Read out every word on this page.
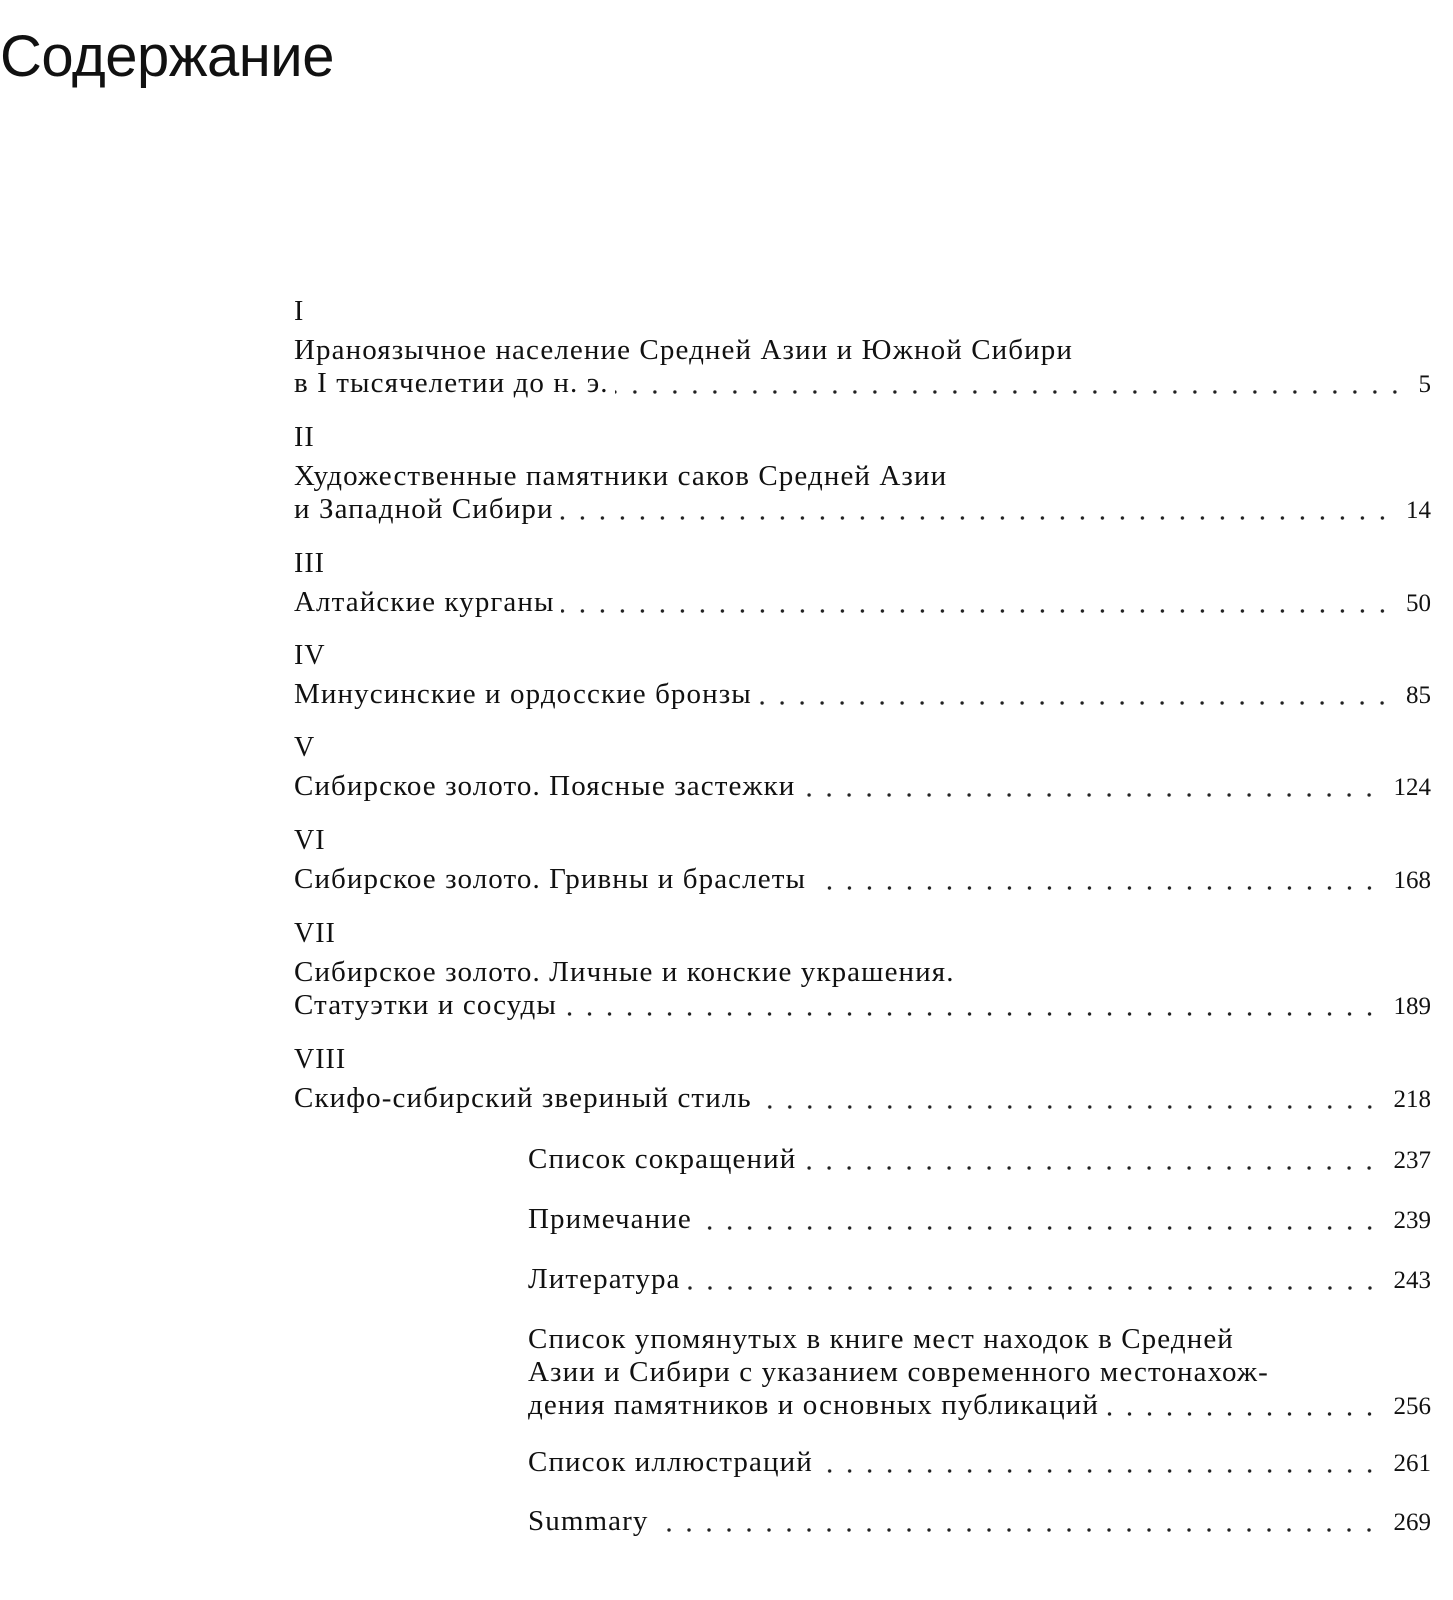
Содержание
I
Ираноязычное население Средней Азии и Южной Сибири
в I тысячелетии до н. э.	5
II
Художественные памятники саков Средней Азии
и Западной Сибири	14
III
Алтайские курганы	50
IV
Минусинские и ордосские бронзы	85
V
Сибирское золото. Поясные застежки	124
VI
Сибирское золото. Гривны и браслеты	168
VII
Сибирское золото. Личные и конские украшения.
Статуэтки и сосуды	189
VIII
Скифо-сибирский звериный стиль	218
Список сокращений	237
Примечание	239
Литература	243
Список упомянутых в книге мест находок в Средней
Азии и Сибири с указанием современного местонахож-
дения памятников и основных публикаций	256
Список иллюстраций	261
Summary	269
